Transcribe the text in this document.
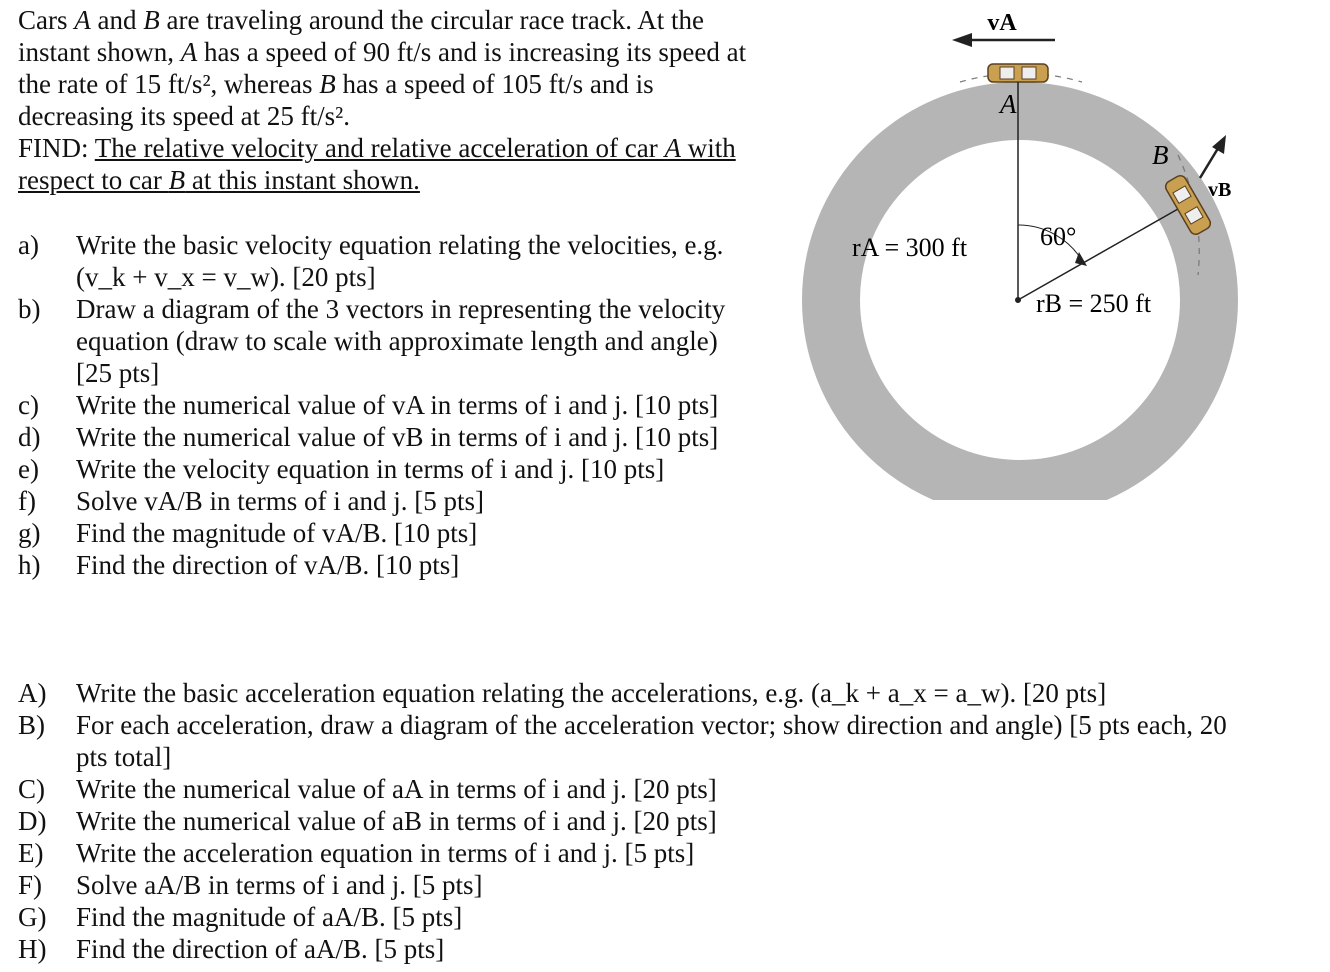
Cars A and B are traveling around the circular race track. At the instant shown, A has a speed of 90 ft/s and is increasing its speed at the rate of 15 ft/s², whereas B has a speed of 105 ft/s and is decreasing its speed at 25 ft/s².

FIND: The relative velocity and relative acceleration of car A with respect to car B at this instant shown.

a)	Write the basic velocity equation relating the velocities, e.g. (v_k + v_x = v_w). [20 pts]
b)	Draw a diagram of the 3 vectors in representing the velocity equation (draw to scale with approximate length and angle) [25 pts]
c)	Write the numerical value of vA in terms of i and j. [10 pts]
d)	Write the numerical value of vB in terms of i and j. [10 pts]
e)	Write the velocity equation in terms of i and j. [10 pts]
f)	Solve vA/B in terms of i and j. [5 pts]
g)	Find the magnitude of vA/B. [10 pts]
h)	Find the direction of vA/B. [10 pts]
A)	Write the basic acceleration equation relating the accelerations, e.g. (a_k + a_x = a_w). [20 pts]
B)	For each acceleration, draw a diagram of the acceleration vector; show direction and angle) [5 pts each, 20 pts total]
C)	Write the numerical value of aA in terms of i and j. [20 pts]
D)	Write the numerical value of aB in terms of i and j. [20 pts]
E)	Write the acceleration equation in terms of i and j. [5 pts]
F)	Solve aA/B in terms of i and j. [5 pts]
G)	Find the magnitude of aA/B. [5 pts]
H)	Find the direction of aA/B. [5 pts]
vA
A
60°
rA = 300 ft
rB = 250 ft
B
vB
